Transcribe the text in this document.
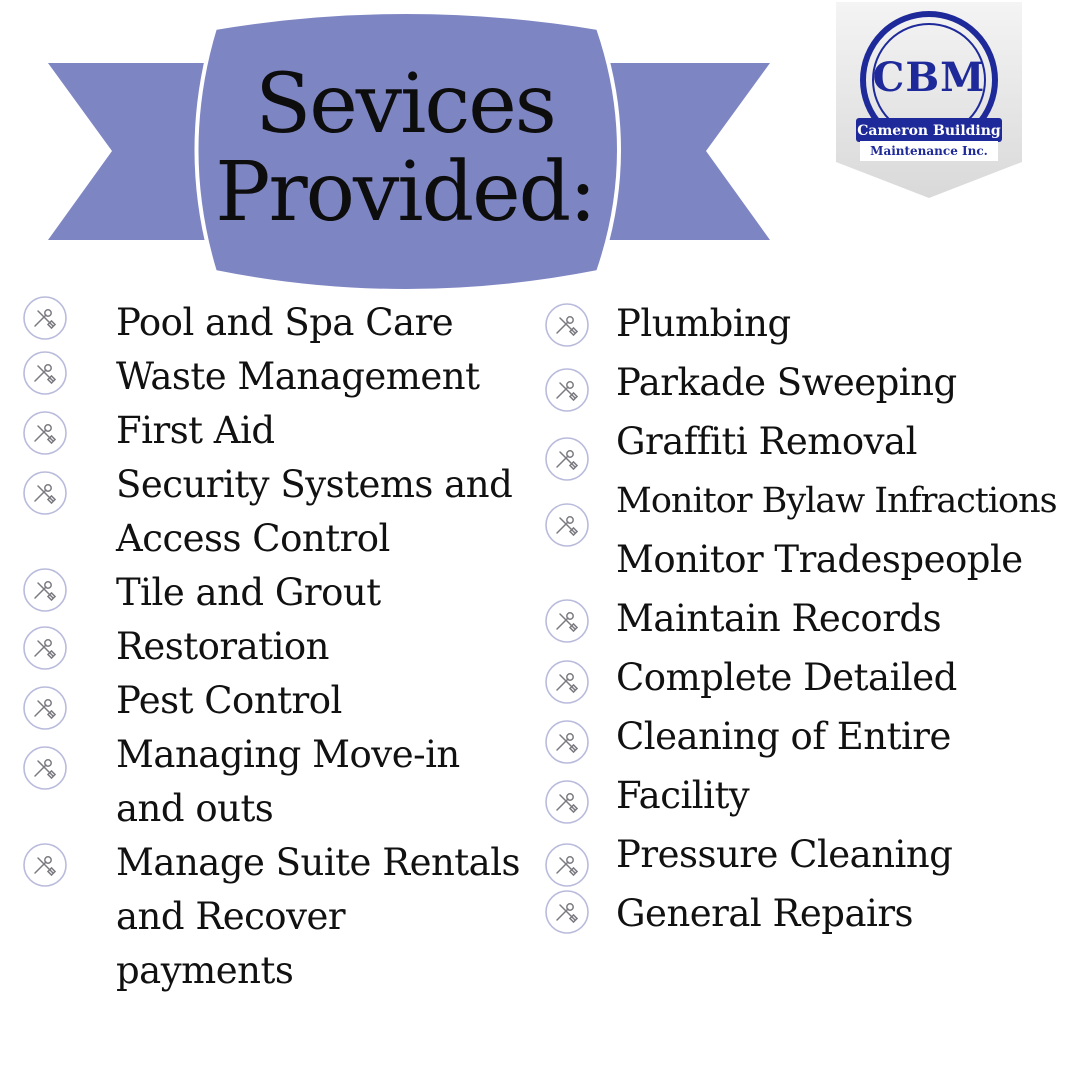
Sevices
Provided:
CBM
Cameron Building
Maintenance Inc.
Pool and Spa Care
Waste Management
First Aid
Security Systems and
Access Control
Tile and Grout
Restoration
Pest Control
Managing Move-in
and outs
Manage Suite Rentals
and Recover
payments
Plumbing
Parkade Sweeping
Graffiti Removal
Monitor Bylaw Infractions
Monitor Tradespeople
Maintain Records
Complete Detailed
Cleaning of Entire
Facility
Pressure Cleaning
General Repairs
